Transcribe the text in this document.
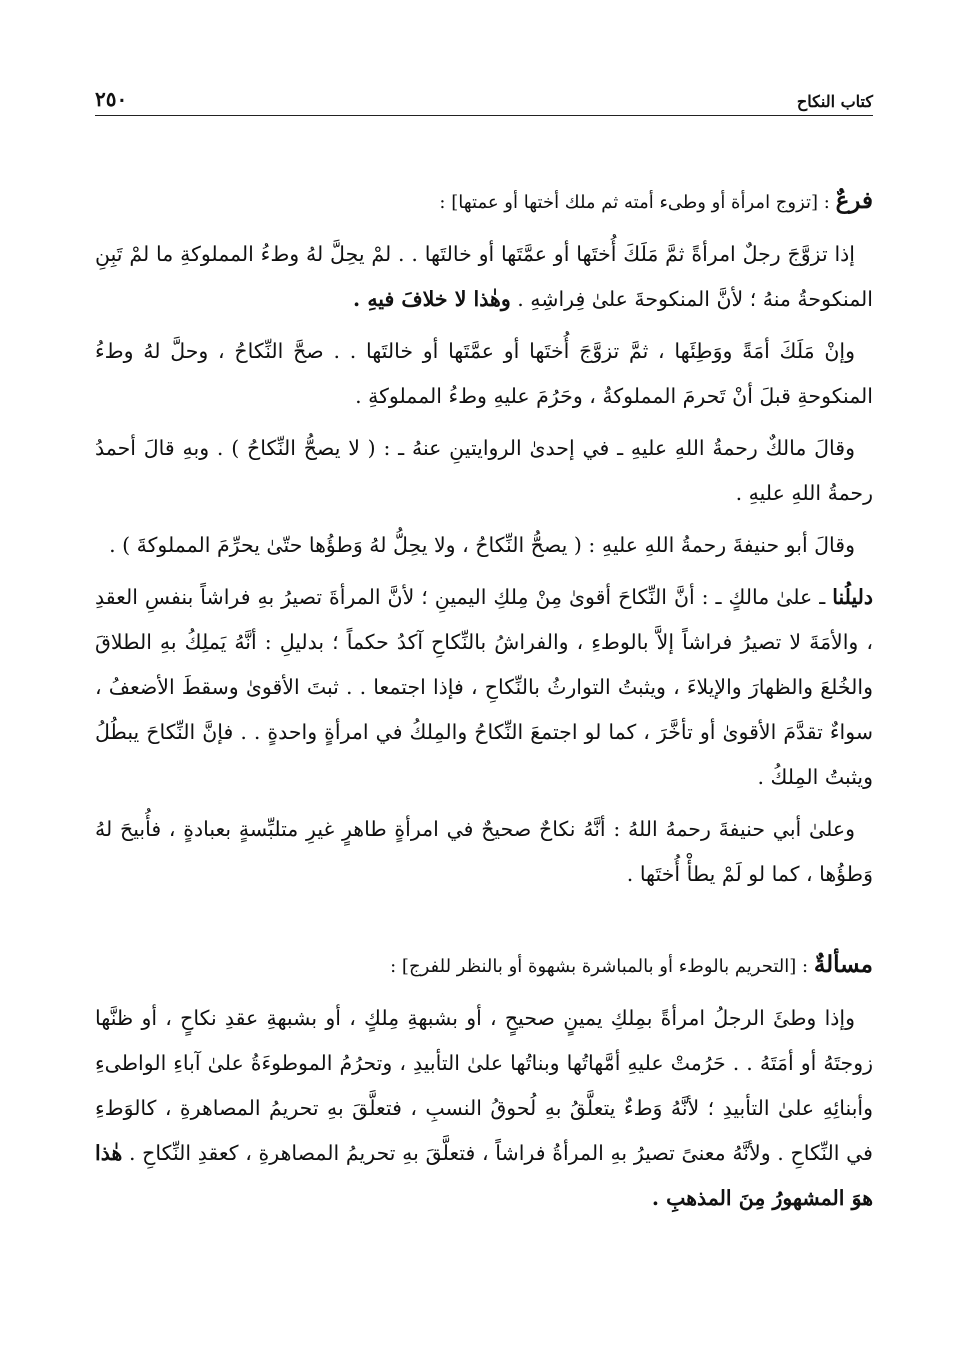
كتاب النكاح
٢٥٠

فرعٌ : [تزوج امرأة أو وطىء أمته ثم ملك أختها أو عمتها] :

إذا تزوَّجَ رجلٌ امرأةً ثمَّ مَلَكَ أُختَها أو عمَّتَها أو خالتَها . . لمْ يحِلَّ لهُ وطءُ المملوكةِ ما لمْ تَبِنِ المنكوحةُ منهُ ؛ لأنَّ المنكوحةَ علىٰ فِراشِهِ . وهٰذا لا خلافَ فيهِ .

وإنْ مَلَكَ أمَةً ووَطِئَها ، ثمَّ تزوَّجَ أُختَها أو عمَّتَها أو خالتَها . . صحَّ النِّكاحُ ، وحلَّ لهُ وطءُ المنكوحةِ قبلَ أنْ تَحرمَ المملوكةُ ، وحَرُمَ عليهِ وطءُ المملوكةِ .

وقالَ مالكٌ رحمةُ اللهِ عليهِ ـ في إحدىٰ الروايتينِ عنهُ ـ : ( لا يصحُّ النِّكاحُ ) . وبهِ قالَ أحمدُ رحمةُ اللهِ عليهِ .

وقالَ أبو حنيفةَ رحمةُ اللهِ عليهِ : ( يصحُّ النِّكاحُ ، ولا يحِلُّ لهُ وَطؤُها حتّىٰ يحرِّمَ المملوكةَ ) .

دليلُنا ـ علىٰ مالكٍ ـ : أنَّ النِّكاحَ أقوىٰ مِنْ مِلكِ اليمينِ ؛ لأنَّ المرأةَ تصيرُ بهِ فراشاً بنفسِ العقدِ ، والأمَةَ لا تصيرُ فراشاً إلاَّ بالوطءِ ، والفراشُ بالنِّكاحِ آكدُ حكماً ؛ بدليلِ : أنَّهُ يَملِكُ بهِ الطلاقَ والخُلعَ والظهارَ والإيلاءَ ، ويثبتُ التوارثُ بالنِّكاحِ ، فإذا اجتمعا . . ثبتَ الأقوىٰ وسقطَ الأضعفُ ، سواءٌ تقدَّمَ الأقوىٰ أو تأخَّرَ ، كما لو اجتمعَ النِّكاحُ والمِلكُ في امرأةٍ واحدةٍ . . فإنَّ النِّكاحَ يبطُلُ ويثبتُ المِلكُ .

وعلىٰ أبي حنيفةَ رحمهُ اللهُ : أنَّهُ نكاحٌ صحيحٌ في امرأةٍ طاهرٍ غيرِ متلبِّسةٍ بعبادةٍ ، فأُبيحَ لهُ وَطؤُها ، كما لو لَمْ يطأْ أُختَها .

مسألةٌ : [التحريم بالوطء أو بالمباشرة بشهوة أو بالنظر للفرج] :

وإذا وطئَ الرجلُ امرأةً بمِلكِ يمينٍ صحيحٍ ، أو بشبهةِ مِلكٍ ، أو بشبهةِ عقدِ نكاحٍ ، أو ظنَّها زوجتَهُ أو أمَتَهُ . . حَرُمتْ عليهِ أمَّهاتُها وبناتُها علىٰ التأبيدِ ، وتحرُمُ الموطوءَةُ علىٰ آباءِ الواطىءِ وأبنائِهِ علىٰ التأبيدِ ؛ لأنَّهُ وَطءٌ يتعلَّقُ بهِ لُحوقُ النسبِ ، فتعلَّقَ بهِ تحريمُ المصاهرةِ ، كالوَطءِ في النِّكاحِ . ولأنَّهُ معنىً تصيرُ بهِ المرأةُ فراشاً ، فتعلَّقَ بهِ تحريمُ المصاهرةِ ، كعقدِ النِّكاحِ . هٰذا هوَ المشهورُ مِنَ المذهبِ .
